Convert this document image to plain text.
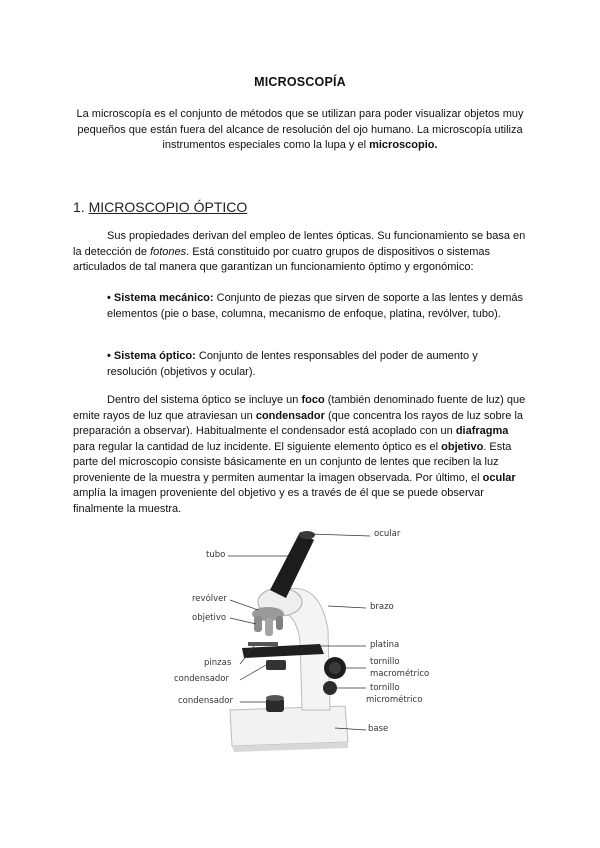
MICROSCOPÍA
La microscopía es el conjunto de métodos que se utilizan para poder visualizar objetos muy pequeños que están fuera del alcance de resolución del ojo humano. La microscopía utiliza instrumentos especiales como la lupa y el microscopio.
1. MICROSCOPIO ÓPTICO
Sus propiedades derivan del empleo de lentes ópticas. Su funcionamiento se basa en la detección de fotones. Está constituido por cuatro grupos de dispositivos o sistemas articulados de tal manera que garantizan un funcionamiento óptimo y ergonómico:
• Sistema mecánico: Conjunto de piezas que sirven de soporte a las lentes y demás elementos (pie o base, columna, mecanismo de enfoque, platina, revólver, tubo).
• Sistema óptico: Conjunto de lentes responsables del poder de aumento y resolución (objetivos y ocular).
Dentro del sistema óptico se incluye un foco (también denominado fuente de luz) que emite rayos de luz que atraviesan un condensador (que concentra los rayos de luz sobre la preparación a observar). Habitualmente el condensador está acoplado con un diafragma para regular la cantidad de luz incidente. El siguiente elemento óptico es el objetivo. Esta parte del microscopio consiste básicamente en un conjunto de lentes que reciben la luz proveniente de la muestra y permiten aumentar la imagen observada. Por último, el ocular amplía la imagen proveniente del objetivo y es a través de él que se puede observar finalmente la muestra.
ocular
tubo
revólver
objetivo
brazo
platina
pinzas
condensador
tornillo
macrométrico
tornillo
micrométrico
condensador
base
